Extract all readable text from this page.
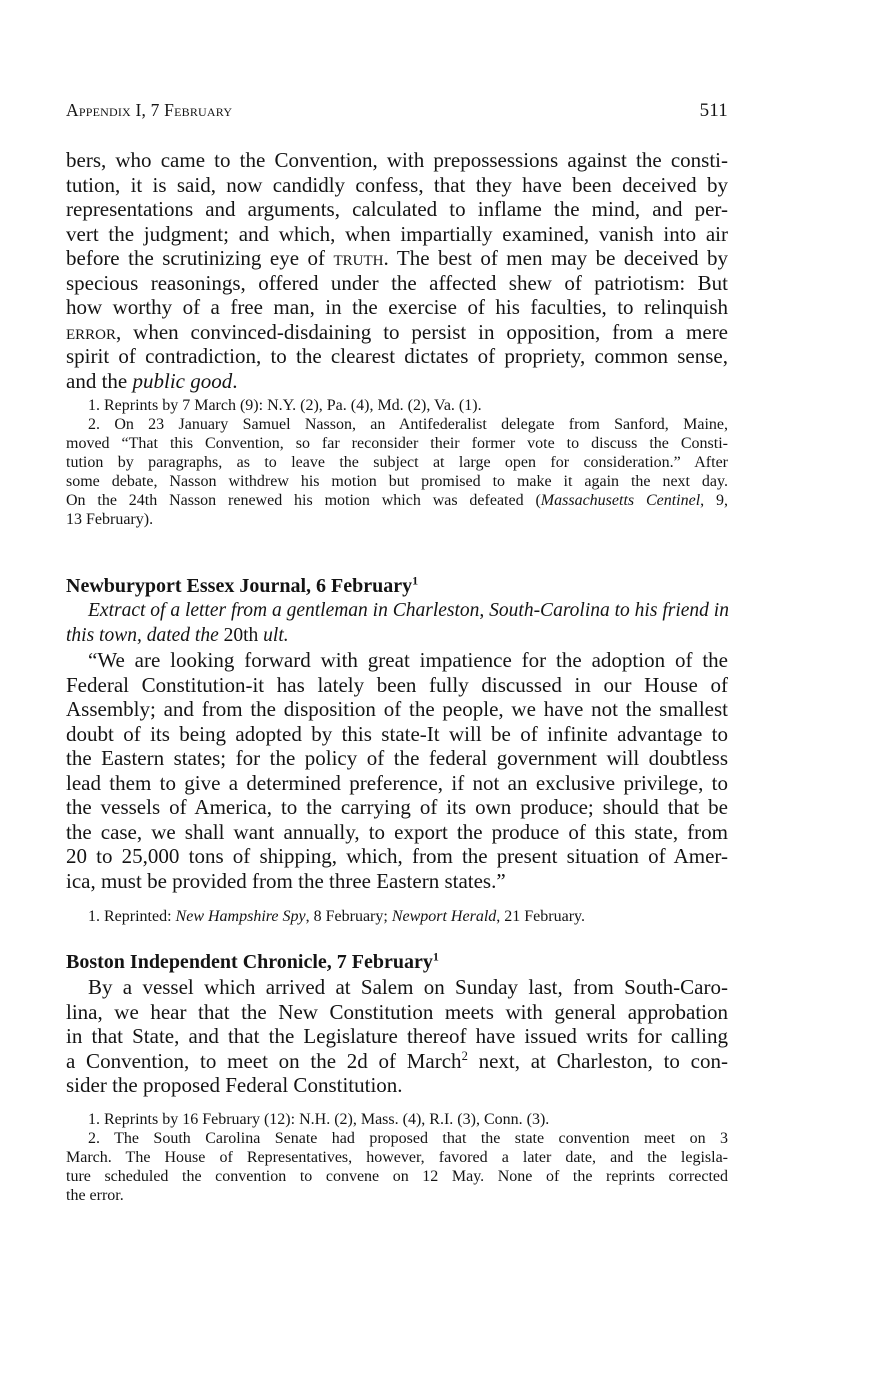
Appendix I, 7 February	511
bers, who came to the Convention, with prepossessions against the consti-
tution, it is said, now candidly confess, that they have been deceived by
representations and arguments, calculated to inflame the mind, and per-
vert the judgment; and which, when impartially examined, vanish into air
before the scrutinizing eye of truth. The best of men may be deceived by
specious reasonings, offered under the affected shew of patriotism: But
how worthy of a free man, in the exercise of his faculties, to relinquish
error, when convinced-disdaining to persist in opposition, from a mere
spirit of contradiction, to the clearest dictates of propriety, common sense,
and the public good.
1. Reprints by 7 March (9): N.Y. (2), Pa. (4), Md. (2), Va. (1).
2. On 23 January Samuel Nasson, an Antifederalist delegate from Sanford, Maine,
moved “That this Convention, so far reconsider their former vote to discuss the Consti-
tution by paragraphs, as to leave the subject at large open for consideration.” After
some debate, Nasson withdrew his motion but promised to make it again the next day.
On the 24th Nasson renewed his motion which was defeated (Massachusetts Centinel, 9,
13 February).
Newburyport Essex Journal, 6 February$^1$
Extract of a letter from a gentleman in Charleston, South-Carolina to his friend in
this town, dated the 20th ult.
“We are looking forward with great impatience for the adoption of the
Federal Constitution-it has lately been fully discussed in our House of
Assembly; and from the disposition of the people, we have not the smallest
doubt of its being adopted by this state-It will be of infinite advantage to
the Eastern states; for the policy of the federal government will doubtless
lead them to give a determined preference, if not an exclusive privilege, to
the vessels of America, to the carrying of its own produce; should that be
the case, we shall want annually, to export the produce of this state, from
20 to 25,000 tons of shipping, which, from the present situation of Amer-
ica, must be provided from the three Eastern states.”
1. Reprinted: New Hampshire Spy, 8 February; Newport Herald, 21 February.
Boston Independent Chronicle, 7 February$^1$
By a vessel which arrived at Salem on Sunday last, from South-Caro-
lina, we hear that the New Constitution meets with general approbation
in that State, and that the Legislature thereof have issued writs for calling
a Convention, to meet on the 2d of March$^2$ next, at Charleston, to con-
sider the proposed Federal Constitution.
1. Reprints by 16 February (12): N.H. (2), Mass. (4), R.I. (3), Conn. (3).
2. The South Carolina Senate had proposed that the state convention meet on 3
March. The House of Representatives, however, favored a later date, and the legisla-
ture scheduled the convention to convene on 12 May. None of the reprints corrected
the error.
